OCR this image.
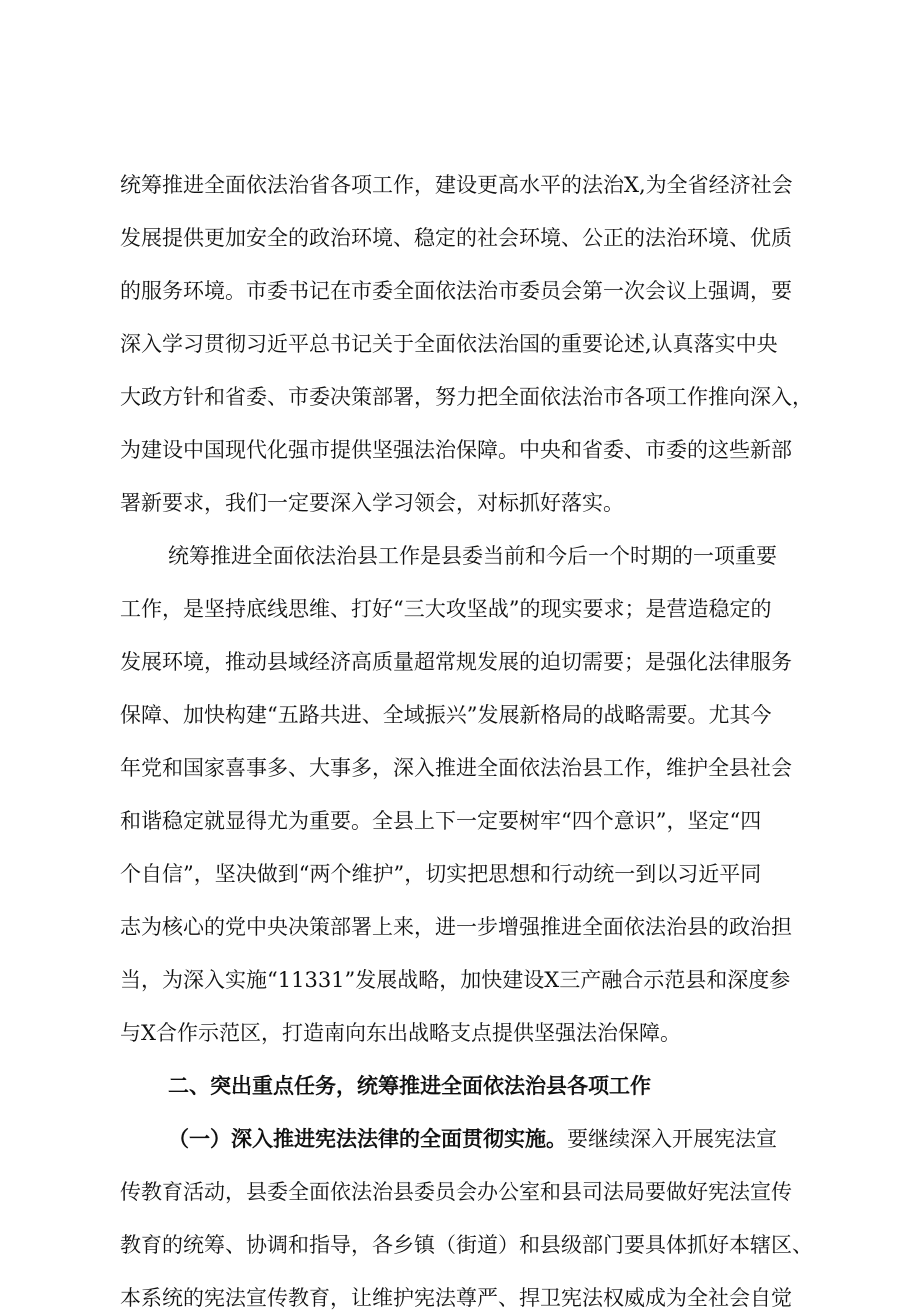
统筹推进全面依法治省各项工作，建设更高水平的法治X,为全省经济社会
发展提供更加安全的政治环境、稳定的社会环境、公正的法治环境、优质
的服务环境。市委书记在市委全面依法治市委员会第一次会议上强调，要
深入学习贯彻习近平总书记关于全面依法治国的重要论述,认真落实中央
大政方针和省委、市委决策部署，努力把全面依法治市各项工作推向深入，
为建设中国现代化强市提供坚强法治保障。中央和省委、市委的这些新部
署新要求，我们一定要深入学习领会，对标抓好落实。
统筹推进全面依法治县工作是县委当前和今后一个时期的一项重要
工作，是坚持底线思维、打好“三大攻坚战”的现实要求；是营造稳定的
发展环境，推动县域经济高质量超常规发展的迫切需要；是强化法律服务
保障、加快构建“五路共进、全域振兴”发展新格局的战略需要。尤其今
年党和国家喜事多、大事多，深入推进全面依法治县工作，维护全县社会
和谐稳定就显得尤为重要。全县上下一定要树牢“四个意识”，坚定“四
个自信”，坚决做到“两个维护”，切实把思想和行动统一到以习近平同
志为核心的党中央决策部署上来，进一步增强推进全面依法治县的政治担
当，为深入实施“11331”发展战略，加快建设X三产融合示范县和深度参
与X合作示范区，打造南向东出战略支点提供坚强法治保障。
二、突出重点任务，统筹推进全面依法治县各项工作
（一）深入推进宪法法律的全面贯彻实施。要继续深入开展宪法宣
传教育活动，县委全面依法治县委员会办公室和县司法局要做好宪法宣传
教育的统筹、协调和指导，各乡镇（街道）和县级部门要具体抓好本辖区、
本系统的宪法宣传教育，让维护宪法尊严、捍卫宪法权威成为全社会自觉
